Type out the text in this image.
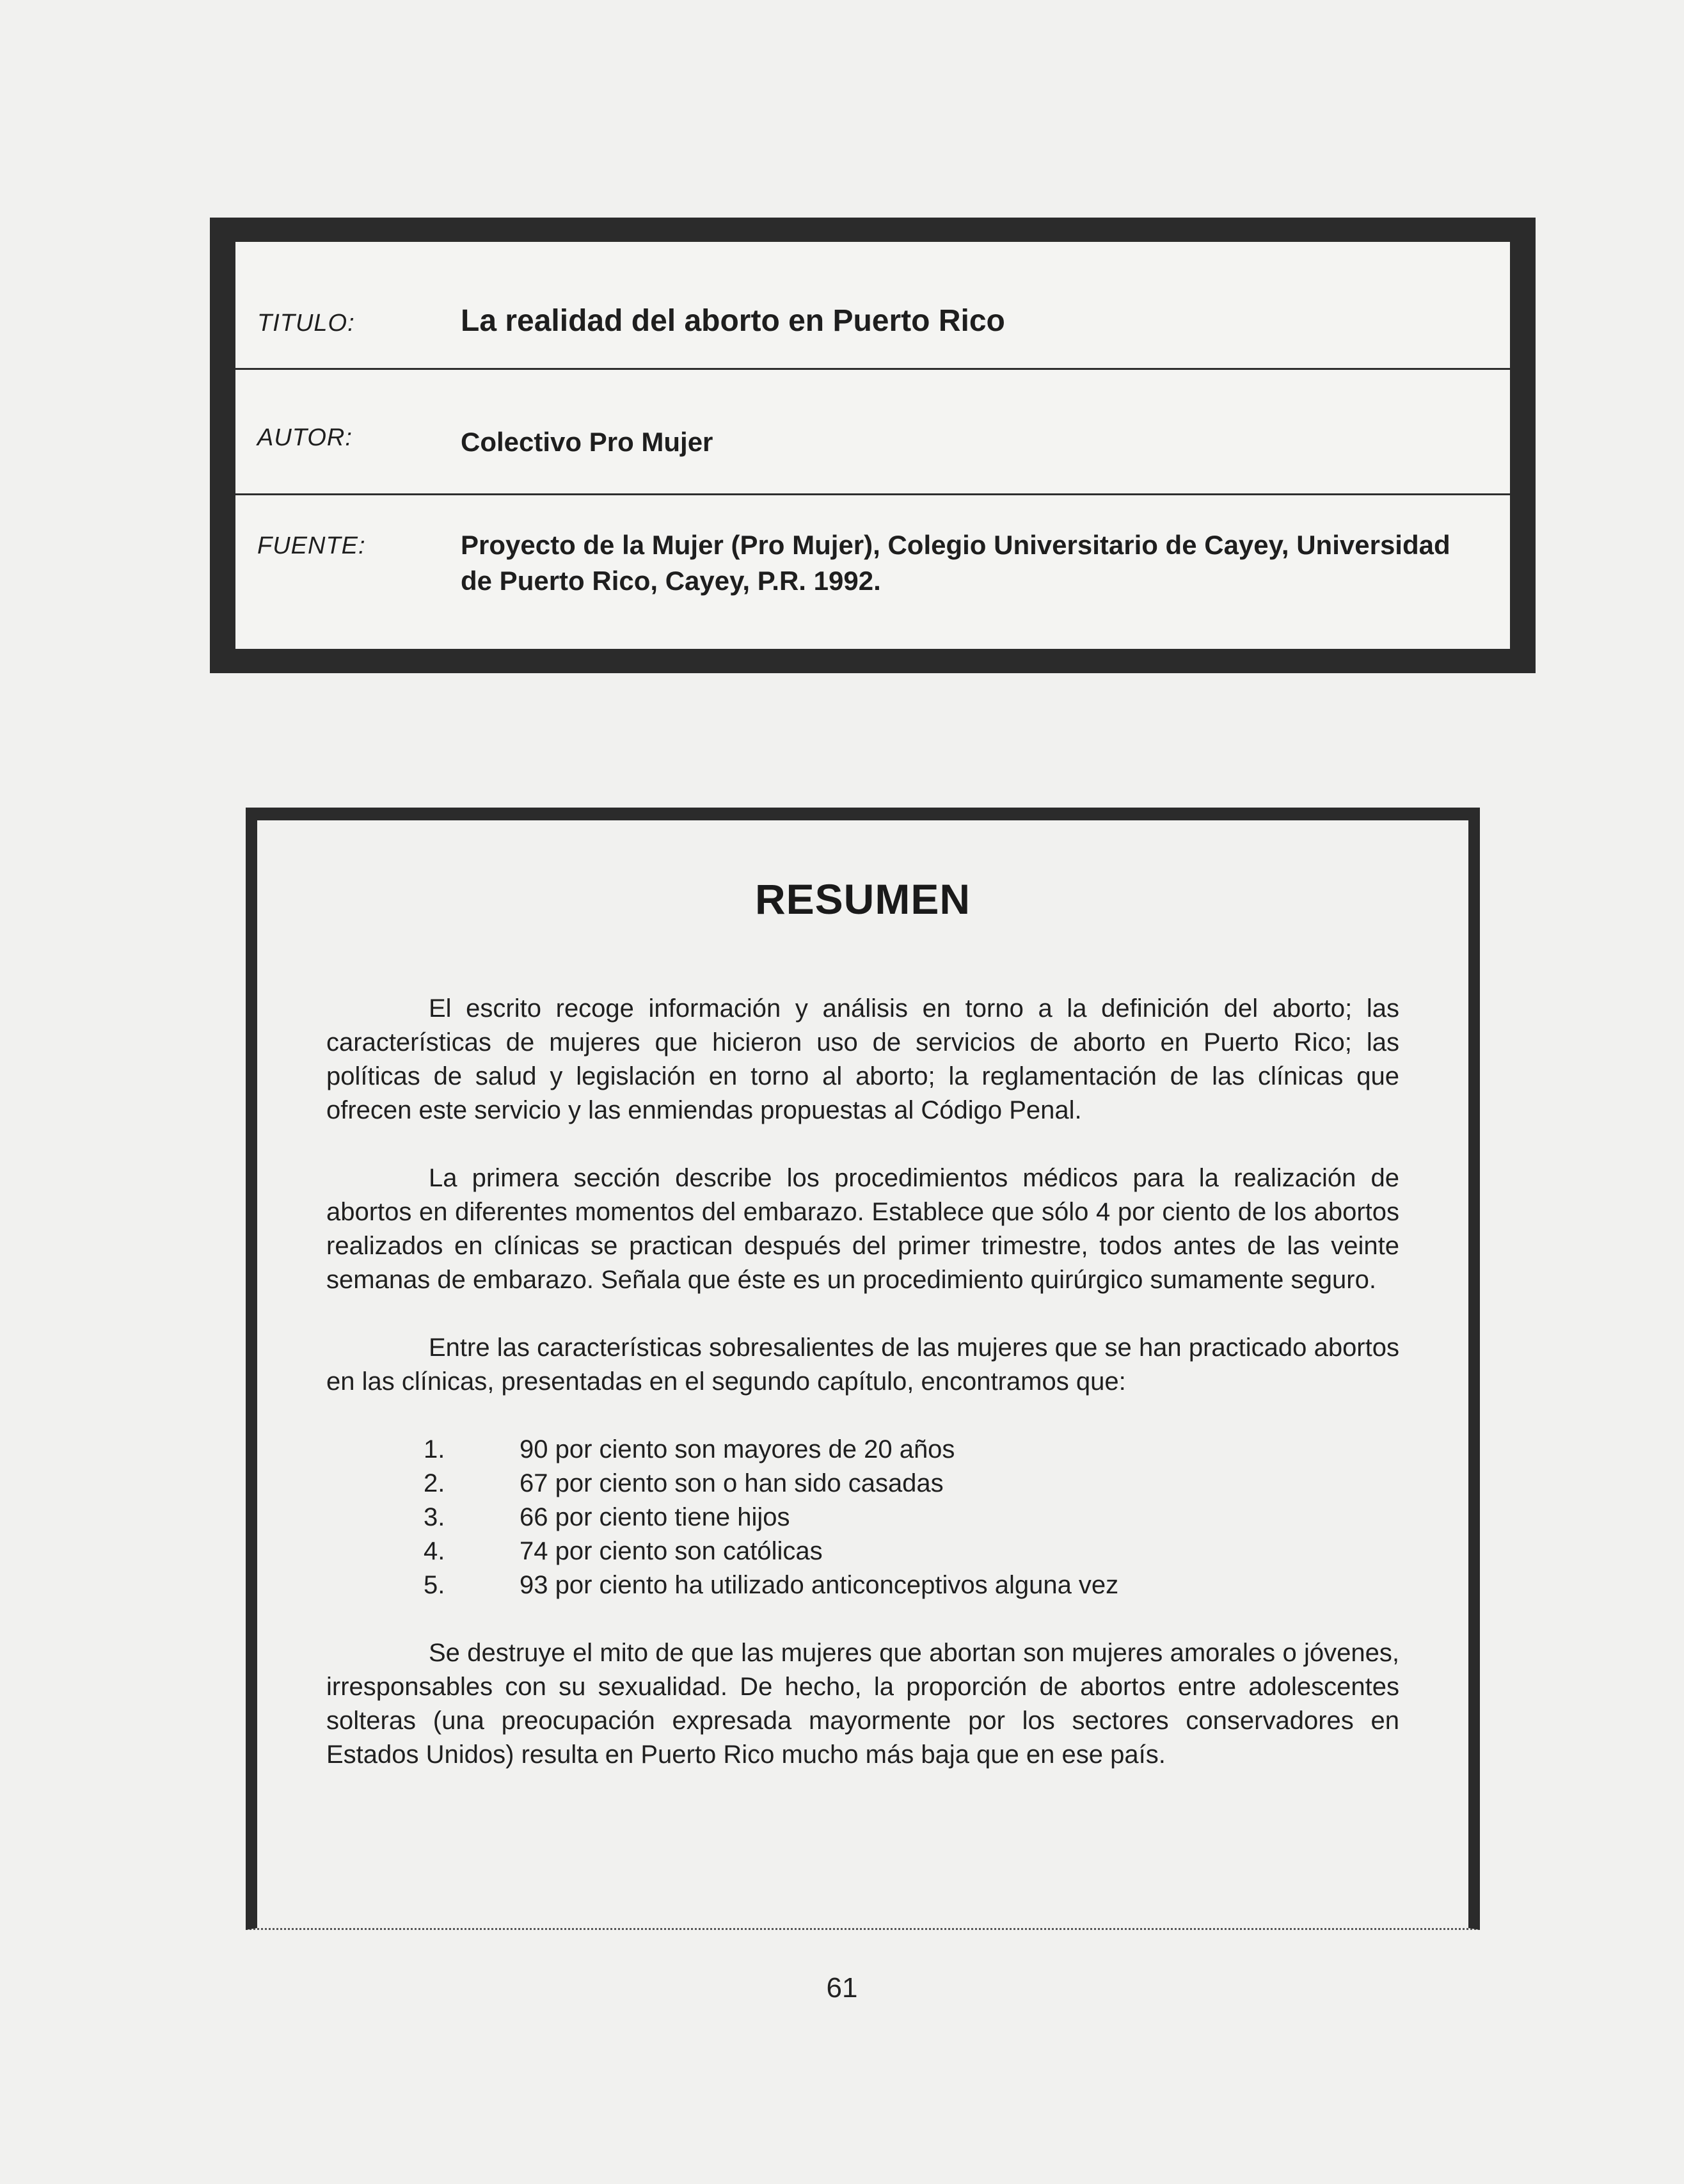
TITULO:	La realidad del aborto en Puerto Rico
AUTOR:	Colectivo Pro Mujer
FUENTE:	Proyecto de la Mujer (Pro Mujer), Colegio Universitario de Cayey, Universidad de Puerto Rico, Cayey, P.R. 1992.
RESUMEN

El escrito recoge información y análisis en torno a la definición del aborto; las características de mujeres que hicieron uso de servicios de aborto en Puerto Rico; las políticas de salud y legislación en torno al aborto; la reglamentación de las clínicas que ofrecen este servicio y las enmiendas propuestas al Código Penal.

La primera sección describe los procedimientos médicos para la realización de abortos en diferentes momentos del embarazo. Establece que sólo 4 por ciento de los abortos realizados en clínicas se practican después del primer trimestre, todos antes de las veinte semanas de embarazo. Señala que éste es un procedimiento quirúrgico sumamente seguro.

Entre las características sobresalientes de las mujeres que se han practicado abortos en las clínicas, presentadas en el segundo capítulo, encontramos que:

1.	90 por ciento son mayores de 20 años
2.	67 por ciento son o han sido casadas
3.	66 por ciento tiene hijos
4.	74 por ciento son católicas
5.	93 por ciento ha utilizado anticonceptivos alguna vez

Se destruye el mito de que las mujeres que abortan son mujeres amorales o jóvenes, irresponsables con su sexualidad. De hecho, la proporción de abortos entre adolescentes solteras (una preocupación expresada mayormente por los sectores conservadores en Estados Unidos) resulta en Puerto Rico mucho más baja que en ese país.

61
